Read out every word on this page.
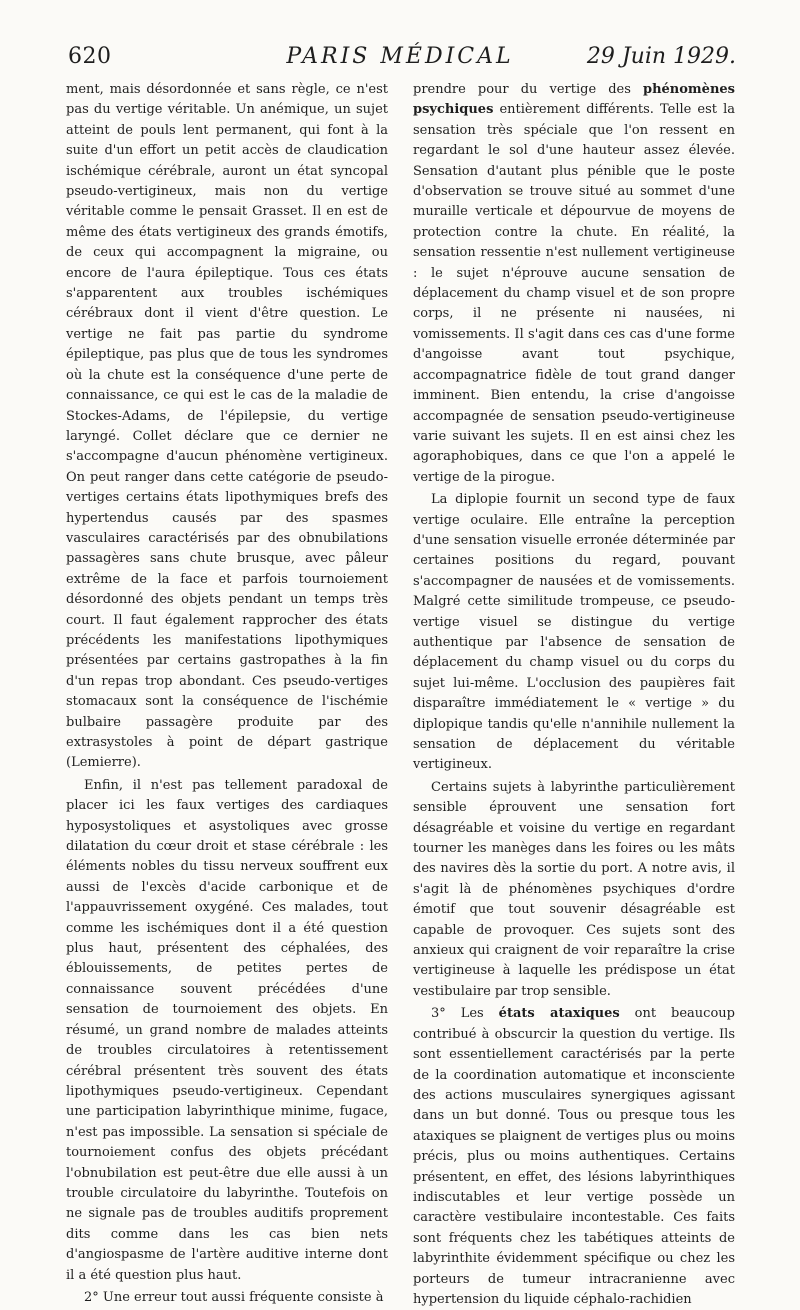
620	PARIS MÉDICAL	29 Juin 1929.

ment, mais désordonnée et sans règle, ce n'est pas du vertige véritable. Un anémique, un sujet atteint de pouls lent permanent, qui font à la suite d'un effort un petit accès de claudication ischémique cérébrale, auront un état syncopal pseudo-vertigineux, mais non du vertige véritable comme le pensait Grasset. Il en est de même des états vertigineux des grands émotifs, de ceux qui accompagnent la migraine, ou encore de l'aura épileptique. Tous ces états s'apparentent aux troubles ischémiques cérébraux dont il vient d'être question. Le vertige ne fait pas partie du syndrome épileptique, pas plus que de tous les syndromes où la chute est la conséquence d'une perte de connaissance, ce qui est le cas de la maladie de Stockes-Adams, de l'épilepsie, du vertige laryngé. Collet déclare que ce dernier ne s'accompagne d'aucun phénomène vertigineux. On peut ranger dans cette catégorie de pseudo-vertiges certains états lipothymiques brefs des hypertendus causés par des spasmes vasculaires caractérisés par des obnubilations passagères sans chute brusque, avec pâleur extrême de la face et parfois tournoiement désordonné des objets pendant un temps très court. Il faut également rapprocher des états précédents les manifestations lipothymiques présentées par certains gastropathes à la fin d'un repas trop abondant. Ces pseudo-vertiges stomacaux sont la conséquence de l'ischémie bulbaire passagère produite par des extrasystoles à point de départ gastrique (Lemierre).

Enfin, il n'est pas tellement paradoxal de placer ici les faux vertiges des cardiaques hyposystoliques et asystoliques avec grosse dilatation du cœur droit et stase cérébrale : les éléments nobles du tissu nerveux souffrent eux aussi de l'excès d'acide carbonique et de l'appauvrissement oxygéné. Ces malades, tout comme les ischémiques dont il a été question plus haut, présentent des céphalées, des éblouissements, de petites pertes de connaissance souvent précédées d'une sensation de tournoiement des objets. En résumé, un grand nombre de malades atteints de troubles circulatoires à retentissement cérébral présentent très souvent des états lipothymiques pseudo-vertigineux. Cependant une participation labyrinthique minime, fugace, n'est pas impossible. La sensation si spéciale de tournoiement confus des objets précédant l'obnubilation est peut-être due elle aussi à un trouble circulatoire du labyrinthe. Toutefois on ne signale pas de troubles auditifs proprement dits comme dans les cas bien nets d'angiospasme de l'artère auditive interne dont il a été question plus haut.

2° Une erreur tout aussi fréquente consiste à

prendre pour du vertige des phénomènes psychiques entièrement différents. Telle est la sensation très spéciale que l'on ressent en regardant le sol d'une hauteur assez élevée. Sensation d'autant plus pénible que le poste d'observation se trouve situé au sommet d'une muraille verticale et dépourvue de moyens de protection contre la chute. En réalité, la sensation ressentie n'est nullement vertigineuse : le sujet n'éprouve aucune sensation de déplacement du champ visuel et de son propre corps, il ne présente ni nausées, ni vomissements. Il s'agit dans ces cas d'une forme d'angoisse avant tout psychique, accompagnatrice fidèle de tout grand danger imminent. Bien entendu, la crise d'angoisse accompagnée de sensation pseudo-vertigineuse varie suivant les sujets. Il en est ainsi chez les agoraphobiques, dans ce que l'on a appelé le vertige de la pirogue.

La diplopie fournit un second type de faux vertige oculaire. Elle entraîne la perception d'une sensation visuelle erronée déterminée par certaines positions du regard, pouvant s'accompagner de nausées et de vomissements. Malgré cette similitude trompeuse, ce pseudo-vertige visuel se distingue du vertige authentique par l'absence de sensation de déplacement du champ visuel ou du corps du sujet lui-même. L'occlusion des paupières fait disparaître immédiatement le « vertige » du diplopique tandis qu'elle n'annihile nullement la sensation de déplacement du véritable vertigineux.

Certains sujets à labyrinthe particulièrement sensible éprouvent une sensation fort désagréable et voisine du vertige en regardant tourner les manèges dans les foires ou les mâts des navires dès la sortie du port. A notre avis, il s'agit là de phénomènes psychiques d'ordre émotif que tout souvenir désagréable est capable de provoquer. Ces sujets sont des anxieux qui craignent de voir reparaître la crise vertigineuse à laquelle les prédispose un état vestibulaire par trop sensible.

3° Les états ataxiques ont beaucoup contribué à obscurcir la question du vertige. Ils sont essentiellement caractérisés par la perte de la coordination automatique et inconsciente des actions musculaires synergiques agissant dans un but donné. Tous ou presque tous les ataxiques se plaignent de vertiges plus ou moins précis, plus ou moins authentiques. Certains présentent, en effet, des lésions labyrinthiques indiscutables et leur vertige possède un caractère vestibulaire incontestable. Ces faits sont fréquents chez les tabétiques atteints de labyrinthite évidemment spécifique ou chez les porteurs de tumeur intracranienne avec hypertension du liquide céphalo-rachidien
